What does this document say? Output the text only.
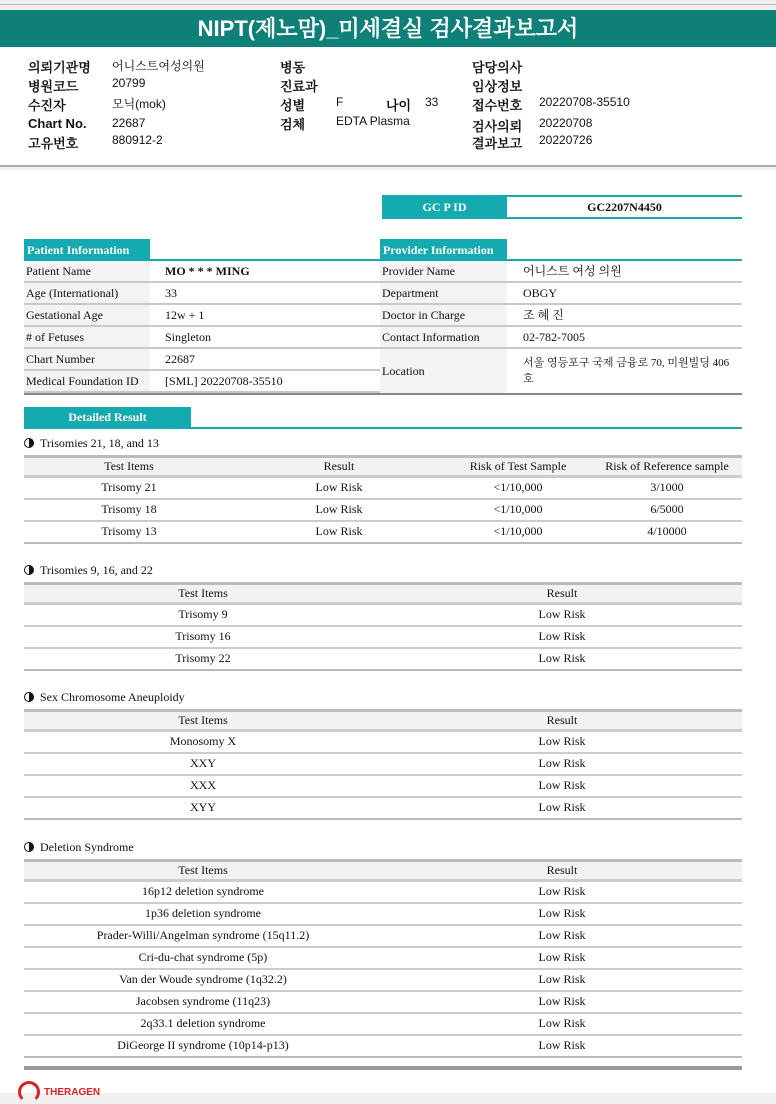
NIPT(제노맘)_미세결실 검사결과보고서
의뢰기관명 어니스트여성의원
병원코드	20799
수진자	모닉(mok)
Chart No. 22687
고유번호	880912-2
병동
진료과
성별	F	나이 33
검체	EDTA Plasma
담당의사
임상정보
접수번호 20220708-35510
검사의뢰 20220708
결과보고 20220726
GC P ID	GC2207N4450
Patient Information	Provider Information
Patient Name	MO * * * MING	Provider Name	어니스트 여성 의원
Age (International)	33	Department	OBGY
Gestational Age	12w + 1	Doctor in Charge	조 혜 진
# of Fetuses	Singleton	Contact Information	02-782-7005
Chart Number	22687
Medical Foundation ID	[SML] 20220708-35510
Location
서울 영등포구 국제 금융로 70, 미원빌딩 406호
Detailed Result
Trisomies 21, 18, and 13
Test Items	Result	Risk of Test Sample	Risk of Reference sample
Trisomy 21	Low Risk	<1/10,000	3/1000
Trisomy 18	Low Risk	<1/10,000	6/5000
Trisomy 13	Low Risk	<1/10,000	4/10000
Trisomies 9, 16, and 22
Test Items	Result
Trisomy 9	Low Risk
Trisomy 16	Low Risk
Trisomy 22	Low Risk
Sex Chromosome Aneuploidy
Test Items	Result
Monosomy X	Low Risk
XXY	Low Risk
XXX	Low Risk
XYY	Low Risk
Deletion Syndrome
Test Items	Result
16p12 deletion syndrome	Low Risk
1p36 deletion syndrome	Low Risk
Prader-Willi/Angelman syndrome (15q11.2)	Low Risk
Cri-du-chat syndrome (5p)	Low Risk
Van der Woude syndrome (1q32.2)	Low Risk
Jacobsen syndrome (11q23)	Low Risk
2q33.1 deletion syndrome	Low Risk
DiGeorge II syndrome (10p14-p13)	Low Risk
THERAGEN
